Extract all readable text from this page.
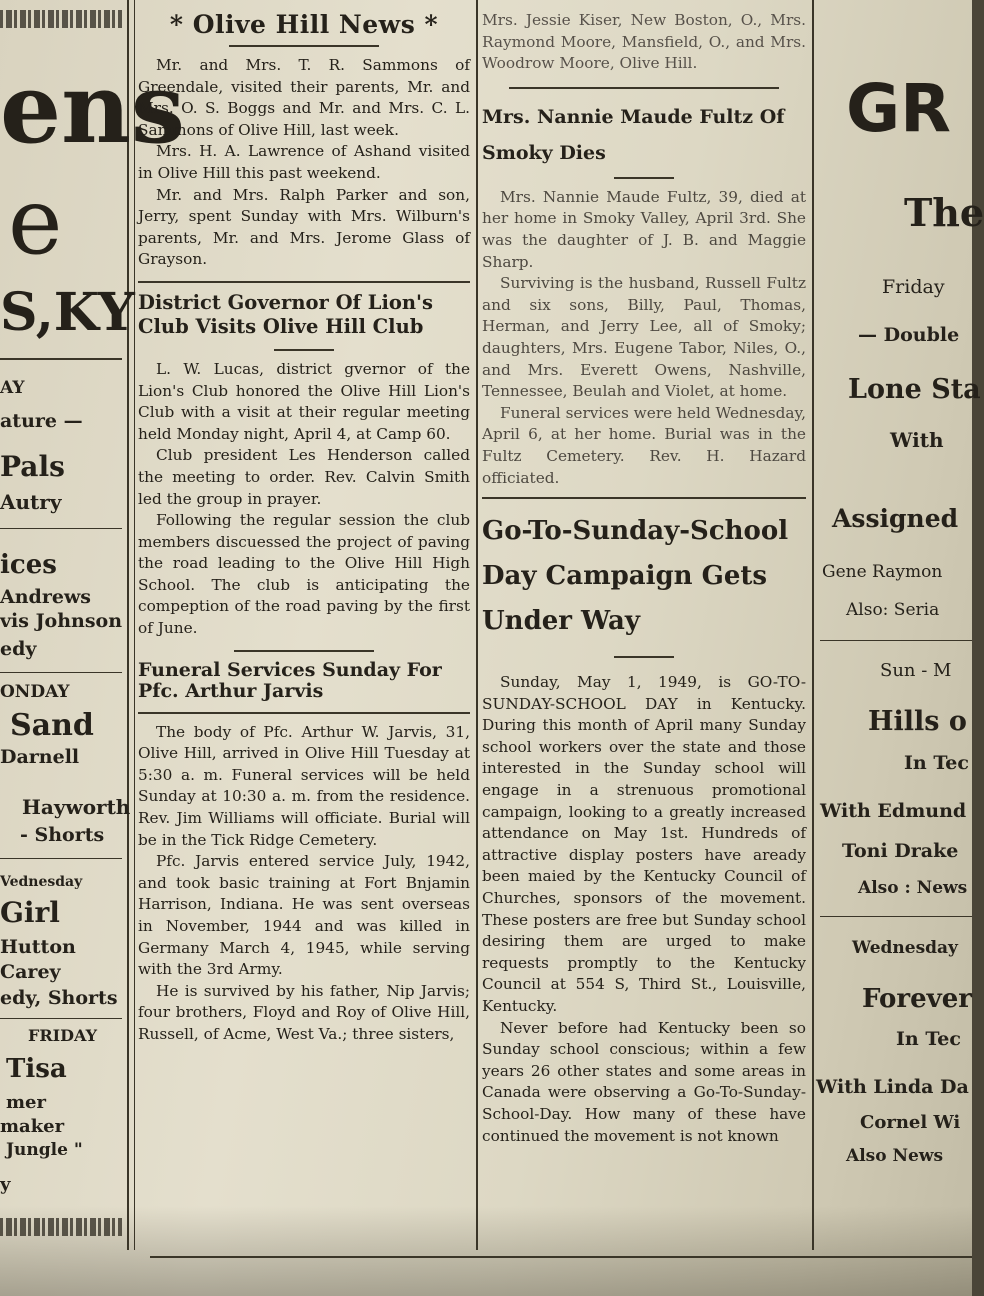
ens
e
S,KY
AY
ature —
Pals
Autry
ices
Andrews
vis Johnson
edy
ONDAY
Sand
Darnell
Hayworth
- Shorts
Vednesday
Girl
Hutton
Carey
edy, Shorts
FRIDAY
Tisa
mer
maker
Jungle "
y
* Olive Hill News *

Mr. and Mrs. T. R. Sammons of Greendale, visited their parents, Mr. and Mrs. O. S. Boggs and Mr. and Mrs. C. L. Sammons of Olive Hill, last week.

Mrs. H. A. Lawrence of Ashand visited in Olive Hill this past weekend.

Mr. and Mrs. Ralph Parker and son, Jerry, spent Sunday with Mrs. Wilburn's parents, Mr. and Mrs. Jerome Glass of Grayson.

District Governor Of Lion's Club Visits Olive Hill Club

L. W. Lucas, district gvernor of the Lion's Club honored the Olive Hill Lion's Club with a visit at their regular meeting held Monday night, April 4, at Camp 60.

Club president Les Henderson called the meeting to order. Rev. Calvin Smith led the group in prayer.

Following the regular session the club members discuessed the project of paving the road leading to the Olive Hill High School. The club is anticipating the compeption of the road paving by the first of June.

Funeral Services Sunday For Pfc. Arthur Jarvis

The body of Pfc. Arthur W. Jarvis, 31, Olive Hill, arrived in Olive Hill Tuesday at 5:30 a. m. Funeral services will be held Sunday at 10:30 a. m. from the residence. Rev. Jim Williams will officiate. Burial will be in the Tick Ridge Cemetery.

Pfc. Jarvis entered service July, 1942, and took basic training at Fort Bnjamin Harrison, Indiana. He was sent overseas in November, 1944 and was killed in Germany March 4, 1945, while serving with the 3rd Army.

He is survived by his father, Nip Jarvis; four brothers, Floyd and Roy of Olive Hill, Russell, of Acme, West Va.; three sisters,

Mrs. Jessie Kiser, New Boston, O., Mrs. Raymond Moore, Mansfield, O., and Mrs. Woodrow Moore, Olive Hill.

Mrs. Nannie Maude Fultz Of Smoky Dies

Mrs. Nannie Maude Fultz, 39, died at her home in Smoky Valley, April 3rd. She was the daughter of J. B. and Maggie Sharp.

Surviving is the husband, Russell Fultz and six sons, Billy, Paul, Thomas, Herman, and Jerry Lee, all of Smoky; daughters, Mrs. Eugene Tabor, Niles, O., and Mrs. Everett Owens, Nashville, Tennessee, Beulah and Violet, at home.

Funeral services were held Wednesday, April 6, at her home. Burial was in the Fultz Cemetery. Rev. H. Hazard officiated.

Go-To-Sunday-School Day Campaign Gets Under Way

Sunday, May 1, 1949, is GO-TO-SUNDAY-SCHOOL DAY in Kentucky. During this month of April many Sunday school workers over the state and those interested in the Sunday school will engage in a strenuous promotional campaign, looking to a greatly increased attendance on May 1st. Hundreds of attractive display posters have aready been maied by the Kentucky Council of Churches, sponsors of the movement. These posters are free but Sunday school desiring them are urged to make requests promptly to the Kentucky Council at 554 S, Third St., Louisville, Kentucky.

Never before had Kentucky been so Sunday school conscious; within a few years 26 other states and some areas in Canada were observing a Go-To-Sunday-School-Day. How many of these have continued the movement is not known

GR
The
Friday
— Double
Lone Sta
With
Assigned
Gene Raymon
Also: Seria
Sun - M
Hills o
In Tec
With Edmund
Toni Drake
Also : News
Wednesday
Forever
In Tec
With Linda Da
Cornel Wi
Also News
